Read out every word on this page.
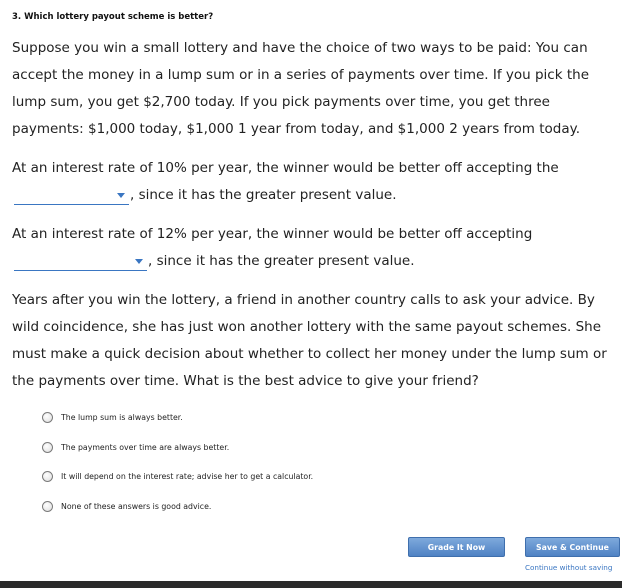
3. Which lottery payout scheme is better?
Suppose you win a small lottery and have the choice of two ways to be paid: You can accept the money in a lump sum or in a series of payments over time. If you pick the lump sum, you get $2,700 today. If you pick payments over time, you get three payments: $1,000 today, $1,000 1 year from today, and $1,000 2 years from today.
At an interest rate of 10% per year, the winner would be better off accepting the
, since it has the greater present value.
At an interest rate of 12% per year, the winner would be better off accepting
, since it has the greater present value.
Years after you win the lottery, a friend in another country calls to ask your advice. By wild coincidence, she has just won another lottery with the same payout schemes. She must make a quick decision about whether to collect her money under the lump sum or the payments over time. What is the best advice to give your friend?
The lump sum is always better.
The payments over time are always better.
It will depend on the interest rate; advise her to get a calculator.
None of these answers is good advice.
Grade It Now	Save & Continue
Continue without saving
